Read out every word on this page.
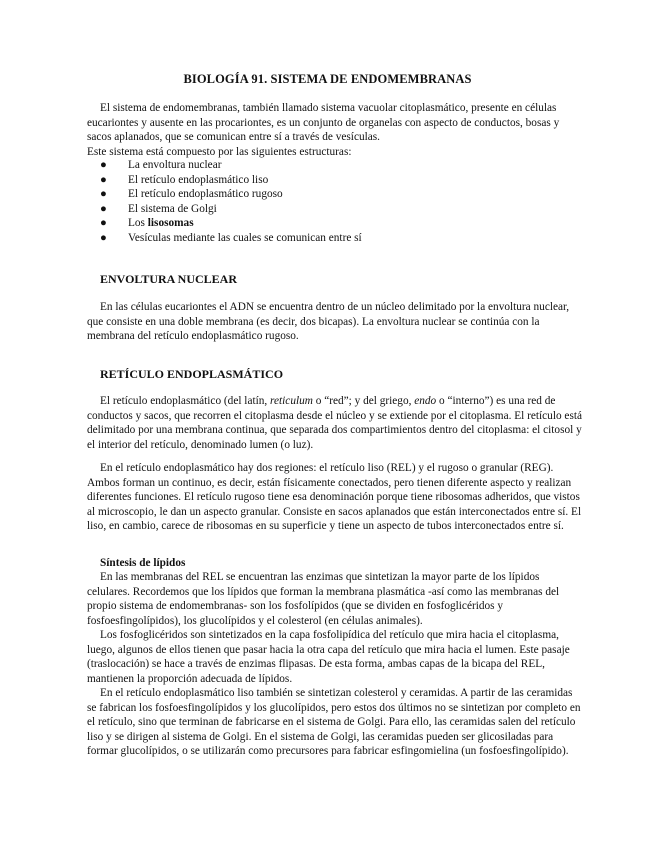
BIOLOGÍA 91. SISTEMA DE ENDOMEMBRANAS

El sistema de endomembranas, también llamado sistema vacuolar citoplasmático, presente en células eucariontes y ausente en las procariontes, es un conjunto de organelas con aspecto de conductos, bosas y sacos aplanados, que se comunican entre sí a través de vesículas.

Este sistema está compuesto por las siguientes estructuras:
● La envoltura nuclear
● El retículo endoplasmático liso
● El retículo endoplasmático rugoso
● El sistema de Golgi
● Los lisosomas
● Vesículas mediante las cuales se comunican entre sí
ENVOLTURA NUCLEAR

En las células eucariontes el ADN se encuentra dentro de un núcleo delimitado por la envoltura nuclear, que consiste en una doble membrana (es decir, dos bicapas). La envoltura nuclear se continúa con la membrana del retículo endoplasmático rugoso.

RETÍCULO ENDOPLASMÁTICO

El retículo endoplasmático (del latín, reticulum o “red”; y del griego, endo o “interno”) es una red de conductos y sacos, que recorren el citoplasma desde el núcleo y se extiende por el citoplasma. El retículo está delimitado por una membrana continua, que separada dos compartimientos dentro del citoplasma: el citosol y el interior del retículo, denominado lumen (o luz).

En el retículo endoplasmático hay dos regiones: el retículo liso (REL) y el rugoso o granular (REG). Ambos forman un continuo, es decir, están físicamente conectados, pero tienen diferente aspecto y realizan diferentes funciones. El retículo rugoso tiene esa denominación porque tiene ribosomas adheridos, que vistos al microscopio, le dan un aspecto granular. Consiste en sacos aplanados que están interconectados entre sí. El liso, en cambio, carece de ribosomas en su superficie y tiene un aspecto de tubos interconectados entre sí.

Síntesis de lípidos

En las membranas del REL se encuentran las enzimas que sintetizan la mayor parte de los lípidos celulares. Recordemos que los lípidos que forman la membrana plasmática -así como las membranas del propio sistema de endomembranas- son los fosfolípidos (que se dividen en fosfoglicéridos y fosfoesfingolípidos), los glucolípidos y el colesterol (en células animales).

Los fosfoglicéridos son sintetizados en la capa fosfolipídica del retículo que mira hacia el citoplasma, luego, algunos de ellos tienen que pasar hacia la otra capa del retículo que mira hacia el lumen. Este pasaje (traslocación) se hace a través de enzimas flipasas. De esta forma, ambas capas de la bicapa del REL, mantienen la proporción adecuada de lípidos.

En el retículo endoplasmático liso también se sintetizan colesterol y ceramidas. A partir de las ceramidas se fabrican los fosfoesfingolípidos y los glucolípidos, pero estos dos últimos no se sintetizan por completo en el retículo, sino que terminan de fabricarse en el sistema de Golgi. Para ello, las ceramidas salen del retículo liso y se dirigen al sistema de Golgi. En el sistema de Golgi, las ceramidas pueden ser glicosiladas para formar glucolípidos, o se utilizarán como precursores para fabricar esfingomielina (un fosfoesfingolípido).
